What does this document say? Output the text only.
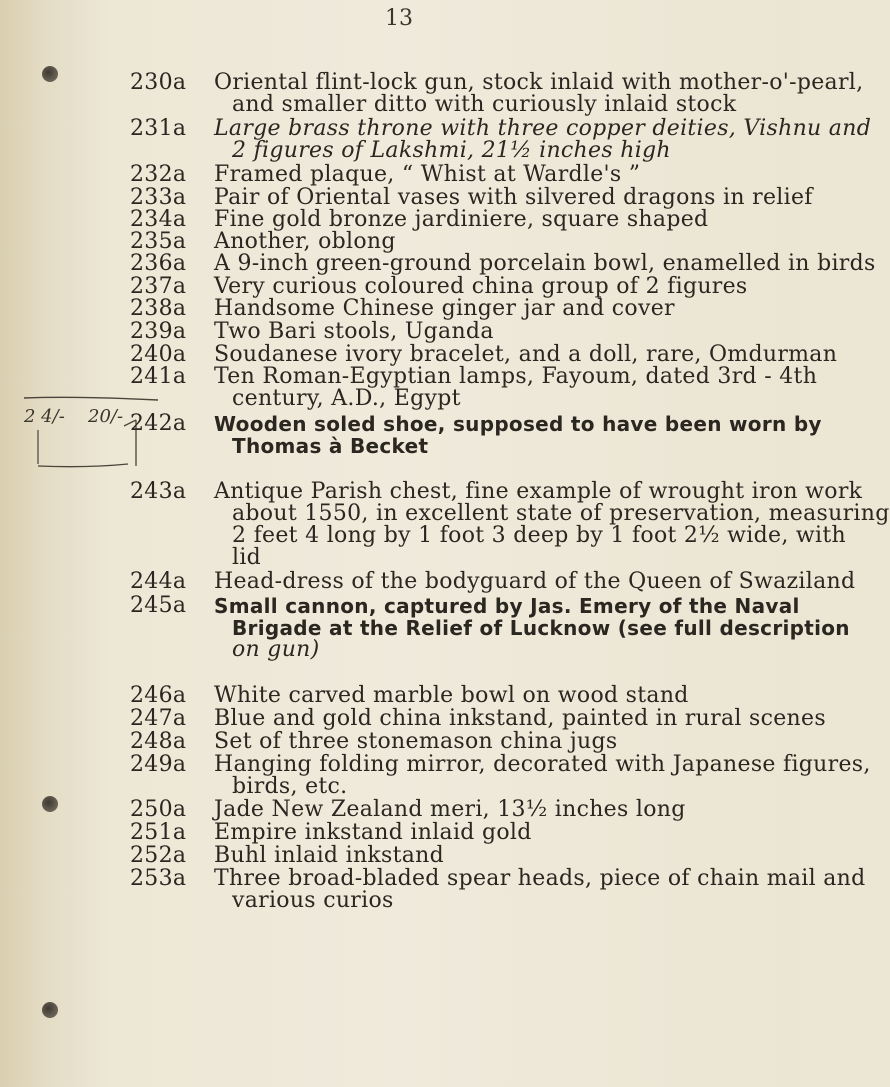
13
2 4/- 20/-
230a	Oriental flint-lock gun, stock inlaid with mother-o'-pearl,
and smaller ditto with curiously inlaid stock
231a	Large brass throne with three copper deities, Vishnu and
2 figures of Lakshmi, 21½ inches high
232a	Framed plaque, “ Whist at Wardle's ”
233a	Pair of Oriental vases with silvered dragons in relief
234a	Fine gold bronze jardiniere, square shaped
235a	Another, oblong
236a	A 9-inch green-ground porcelain bowl, enamelled in birds
237a	Very curious coloured china group of 2 figures
238a	Handsome Chinese ginger jar and cover
239a	Two Bari stools, Uganda
240a	Soudanese ivory bracelet, and a doll, rare, Omdurman
241a	Ten Roman-Egyptian lamps, Fayoum, dated 3rd - 4th
century, A.D., Egypt
242a	Wooden soled shoe, supposed to have been worn by
Thomas à Becket
243a	Antique Parish chest, fine example of wrought iron work
about 1550, in excellent state of preservation, measuring
2 feet 4 long by 1 foot 3 deep by 1 foot 2½ wide, with
lid
244a	Head-dress of the bodyguard of the Queen of Swaziland
245a	Small cannon, captured by Jas. Emery of the Naval
Brigade at the Relief of Lucknow (see full description
on gun)
246a	White carved marble bowl on wood stand
247a	Blue and gold china inkstand, painted in rural scenes
248a	Set of three stonemason china jugs
249a	Hanging folding mirror, decorated with Japanese figures,
birds, etc.
250a	Jade New Zealand meri, 13½ inches long
251a	Empire inkstand inlaid gold
252a	Buhl inlaid inkstand
253a	Three broad-bladed spear heads, piece of chain mail and
various curios
